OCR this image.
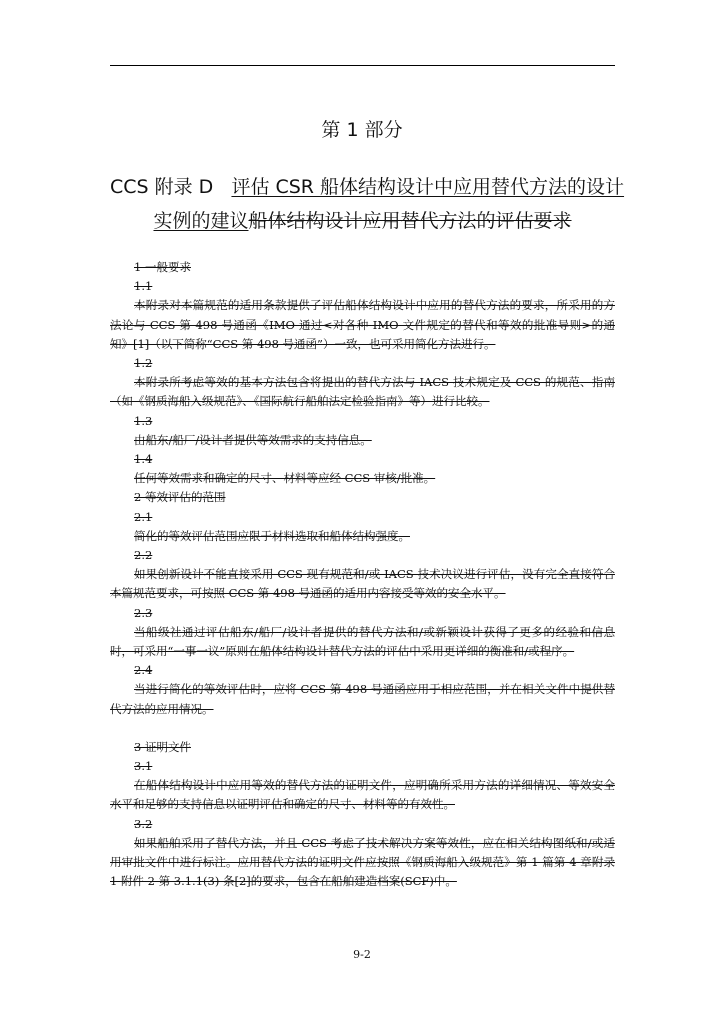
第 1 部分
CCS 附录 D 评估 CSR 船体结构设计中应用替代方法的设计
实例的建议船体结构设计应用替代方法的评估要求

1 一般要求

1.1

本附录对本篇规范的适用条款提供了评估船体结构设计中应用的替代方法的要求，所采用的方法论与 CCS 第 498 号通函《IMO 通过<对各种 IMO 文件规定的替代和等效的批准导则>的通知》[1]（以下简称“CCS 第 498 号通函”）一致，也可采用简化方法进行。

1.2

本附录所考虑等效的基本方法包含将提出的替代方法与 IACS 技术规定及 CCS 的规范、指南（如《钢质海船入级规范》、《国际航行船舶法定检验指南》等）进行比较。

1.3

由船东/船厂/设计者提供等效需求的支持信息。

1.4

任何等效需求和确定的尺寸、材料等应经 CCS 审核/批准。

2 等效评估的范围

2.1

简化的等效评估范围应限于材料选取和船体结构强度。

2.2

如果创新设计不能直接采用 CCS 现有规范和/或 IACS 技术决议进行评估，没有完全直接符合本篇规范要求，可按照 CCS 第 498 号通函的适用内容接受等效的安全水平。

2.3

当船级社通过评估船东/船厂/设计者提供的替代方法和/或新颖设计获得了更多的经验和信息时，可采用“一事一议”原则在船体结构设计替代方法的评估中采用更详细的衡准和/或程序。

2.4

当进行简化的等效评估时，应将 CCS 第 498 号通函应用于相应范围，并在相关文件中提供替代方法的应用情况。

3 证明文件

3.1

在船体结构设计中应用等效的替代方法的证明文件，应明确所采用方法的详细情况、等效安全水平和足够的支持信息以证明评估和确定的尺寸、材料等的有效性。

3.2

如果船舶采用了替代方法，并且 CCS 考虑了技术解决方案等效性，应在相关结构图纸和/或适用审批文件中进行标注。应用替代方法的证明文件应按照《钢质海船入级规范》第 1 篇第 4 章附录 1 附件 2 第 3.1.1(3) 条[2]的要求，包含在船舶建造档案(SCF)中。

9-2
